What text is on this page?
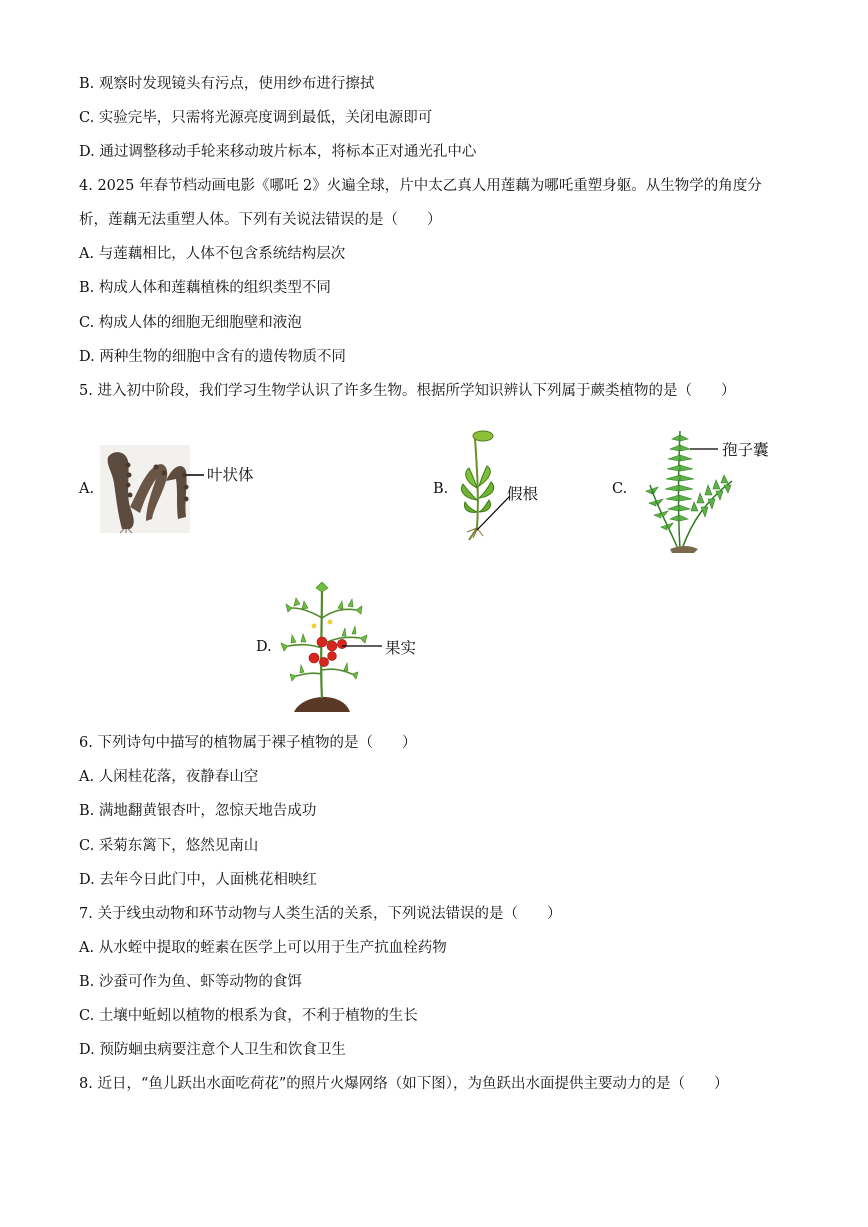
B. 观察时发现镜头有污点，使用纱布进行擦拭
C. 实验完毕，只需将光源亮度调到最低，关闭电源即可
D. 通过调整移动手轮来移动玻片标本，将标本正对通光孔中心
4. 2025 年春节档动画电影《哪吒 2》火遍全球，片中太乙真人用莲藕为哪吒重塑身躯。从生物学的角度分
析，莲藕无法重塑人体。下列有关说法错误的是（　　）
A. 与莲藕相比，人体不包含系统结构层次
B. 构成人体和莲藕植株的组织类型不同
C. 构成人体的细胞无细胞壁和液泡
D. 两种生物的细胞中含有的遗传物质不同
5. 进入初中阶段，我们学习生物学认识了许多生物。根据所学知识辨认下列属于蕨类植物的是（　　）
A.
叶状体
B.	假根	C.
孢子囊
D.	果实
6. 下列诗句中描写的植物属于裸子植物的是（　　）
A. 人闲桂花落，夜静春山空
B. 满地翻黄银杏叶，忽惊天地告成功
C. 采菊东篱下，悠然见南山
D. 去年今日此门中，人面桃花相映红
7. 关于线虫动物和环节动物与人类生活的关系，下列说法错误的是（　　）
A. 从水蛭中提取的蛭素在医学上可以用于生产抗血栓药物
B. 沙蚕可作为鱼、虾等动物的食饵
C. 土壤中蚯蚓以植物的根系为食，不利于植物的生长
D. 预防蛔虫病要注意个人卫生和饮食卫生
8. 近日，“鱼儿跃出水面吃荷花”的照片火爆网络（如下图），为鱼跃出水面提供主要动力的是（　　）
